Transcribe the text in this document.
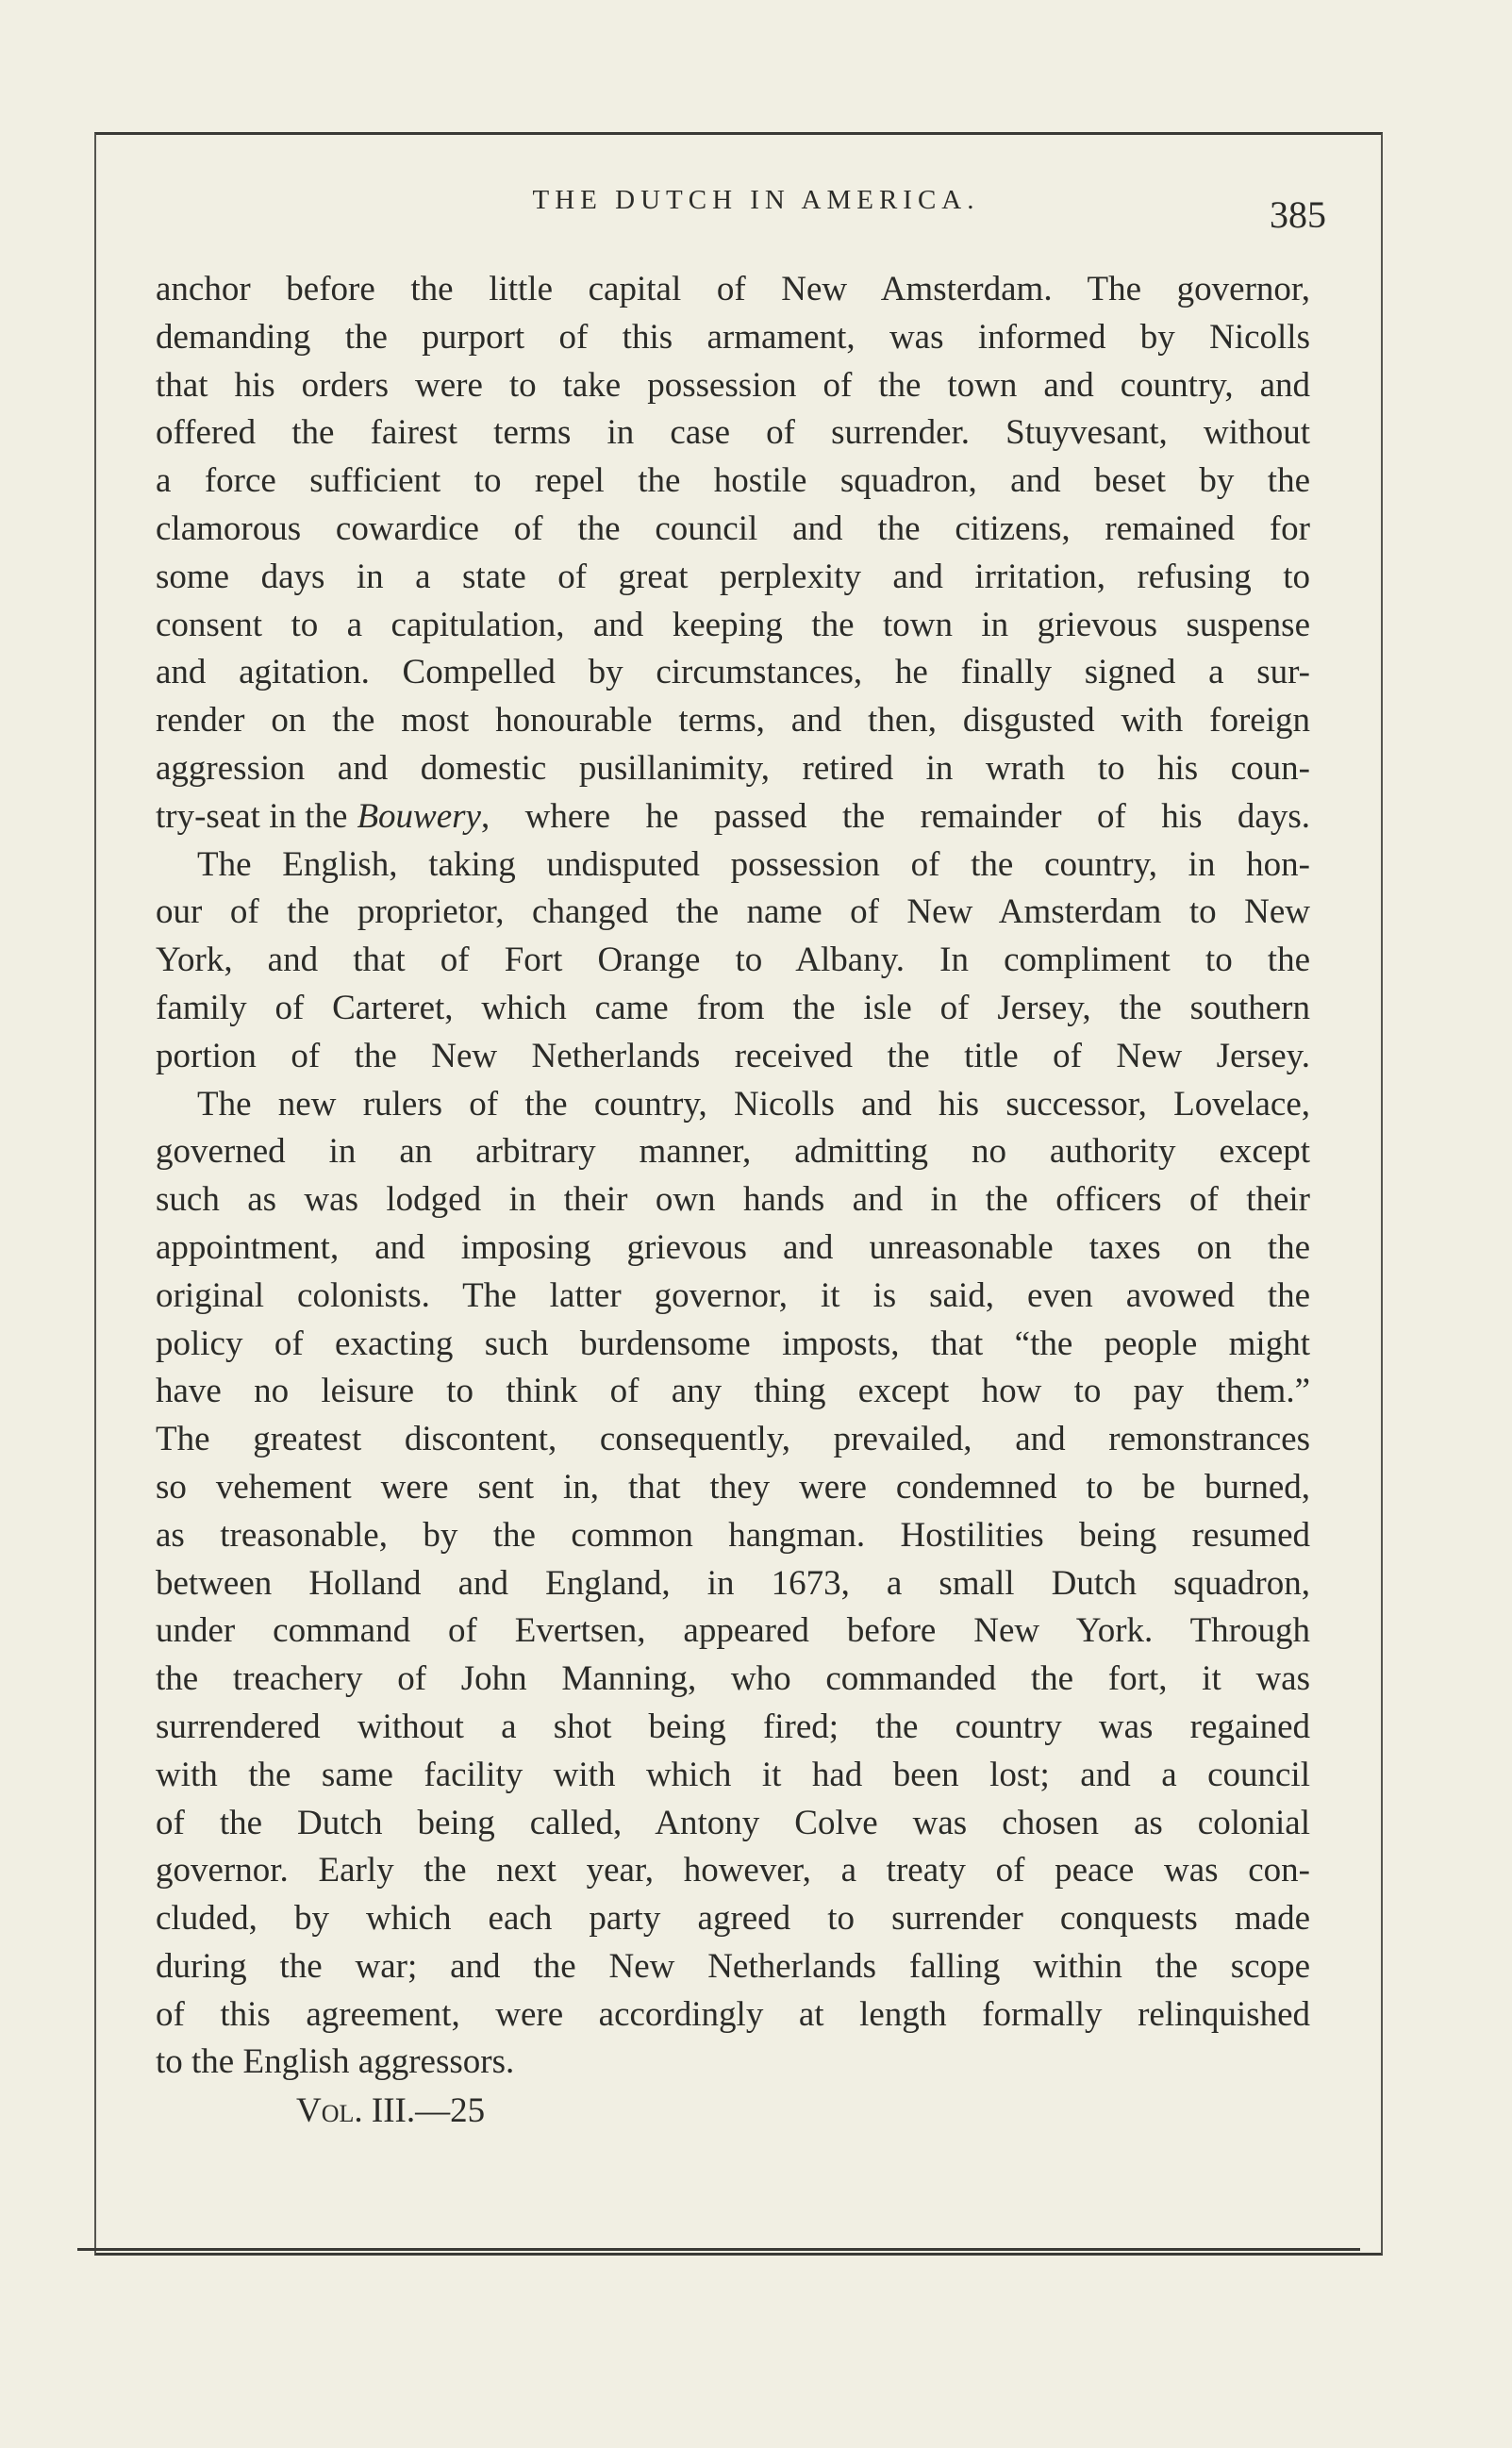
THE DUTCH IN AMERICA.	385
anchor before the little capital of New Amsterdam. The governor,
demanding the purport of this armament, was informed by Nicolls
that his orders were to take possession of the town and country, and
offered the fairest terms in case of surrender. Stuyvesant, without
a force sufficient to repel the hostile squadron, and beset by the
clamorous cowardice of the council and the citizens, remained for
some days in a state of great perplexity and irritation, refusing to
consent to a capitulation, and keeping the town in grievous suspense
and agitation. Compelled by circumstances, he finally signed a sur-
render on the most honourable terms, and then, disgusted with foreign
aggression and domestic pusillanimity, retired in wrath to his coun-
try-seat in the Bouwery , where he passed the remainder of his days.
The English, taking undisputed possession of the country, in hon-
our of the proprietor, changed the name of New Amsterdam to New
York, and that of Fort Orange to Albany. In compliment to the
family of Carteret, which came from the isle of Jersey, the southern
portion of the New Netherlands received the title of New Jersey.
The new rulers of the country, Nicolls and his successor, Lovelace,
governed in an arbitrary manner, admitting no authority except
such as was lodged in their own hands and in the officers of their
appointment, and imposing grievous and unreasonable taxes on the
original colonists. The latter governor, it is said, even avowed the
policy of exacting such burdensome imposts, that “the people might
have no leisure to think of any thing except how to pay them.”
The greatest discontent, consequently, prevailed, and remonstrances
so vehement were sent in, that they were condemned to be burned,
as treasonable, by the common hangman. Hostilities being resumed
between Holland and England, in 1673, a small Dutch squadron,
under command of Evertsen, appeared before New York. Through
the treachery of John Manning, who commanded the fort, it was
surrendered without a shot being fired; the country was regained
with the same facility with which it had been lost; and a council
of the Dutch being called, Antony Colve was chosen as colonial
governor. Early the next year, however, a treaty of peace was con-
cluded, by which each party agreed to surrender conquests made
during the war; and the New Netherlands falling within the scope
of this agreement, were accordingly at length formally relinquished
to the English aggressors.
Vol. III.—25
